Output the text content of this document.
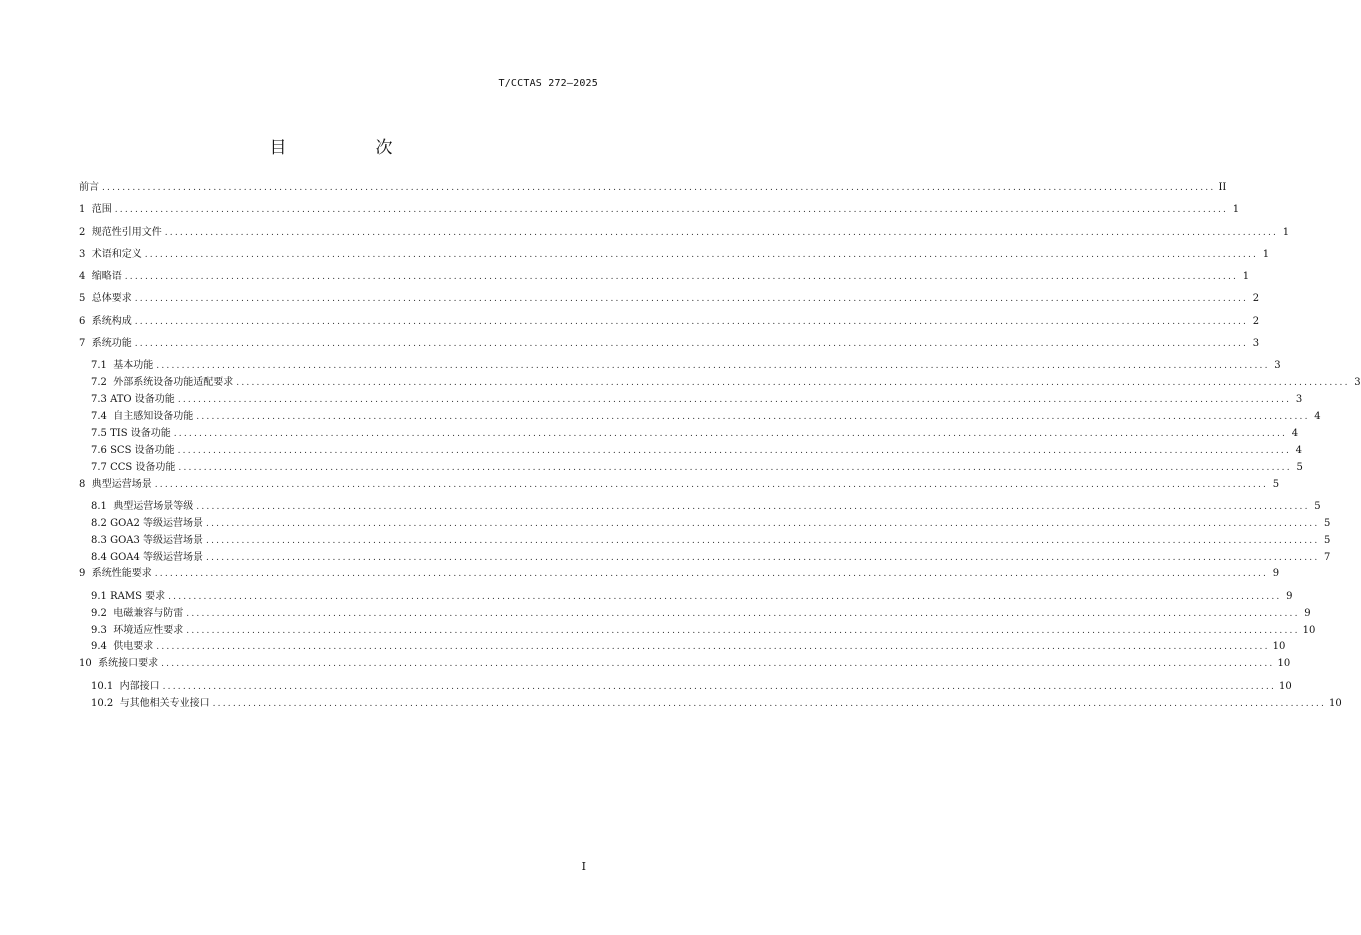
T/CCTAS 272—2025
目　次
前言 ............................................................................................................................................................................................................................ II
1  范围 ............................................................................................................................................................................................................................ 1
2  规范性引用文件 ............................................................................................................................................................................................................................ 1
3  术语和定义 ............................................................................................................................................................................................................................ 1
4  缩略语 ............................................................................................................................................................................................................................ 1
5  总体要求 ............................................................................................................................................................................................................................ 2
6  系统构成 ............................................................................................................................................................................................................................ 2
7  系统功能 ............................................................................................................................................................................................................................ 3
7.1  基本功能 ............................................................................................................................................................................................................................ 3
7.2  外部系统设备功能适配要求 ............................................................................................................................................................................................................................ 3
7.3 ATO 设备功能 ............................................................................................................................................................................................................................ 3
7.4  自主感知设备功能 ............................................................................................................................................................................................................................ 4
7.5 TIS 设备功能 ............................................................................................................................................................................................................................ 4
7.6 SCS 设备功能 ............................................................................................................................................................................................................................ 4
7.7 CCS 设备功能 ............................................................................................................................................................................................................................ 5
8  典型运营场景 ............................................................................................................................................................................................................................ 5
8.1  典型运营场景等级 ............................................................................................................................................................................................................................ 5
8.2 GOA2 等级运营场景 ............................................................................................................................................................................................................................ 5
8.3 GOA3 等级运营场景 ............................................................................................................................................................................................................................ 5
8.4 GOA4 等级运营场景 ............................................................................................................................................................................................................................ 7
9  系统性能要求 ............................................................................................................................................................................................................................ 9
9.1 RAMS 要求 ............................................................................................................................................................................................................................ 9
9.2  电磁兼容与防雷 ............................................................................................................................................................................................................................ 9
9.3  环境适应性要求 ............................................................................................................................................................................................................................ 10
9.4  供电要求 ............................................................................................................................................................................................................................ 10
10  系统接口要求 ............................................................................................................................................................................................................................ 10
10.1  内部接口 ............................................................................................................................................................................................................................ 10
10.2  与其他相关专业接口 ............................................................................................................................................................................................................................ 10
I
